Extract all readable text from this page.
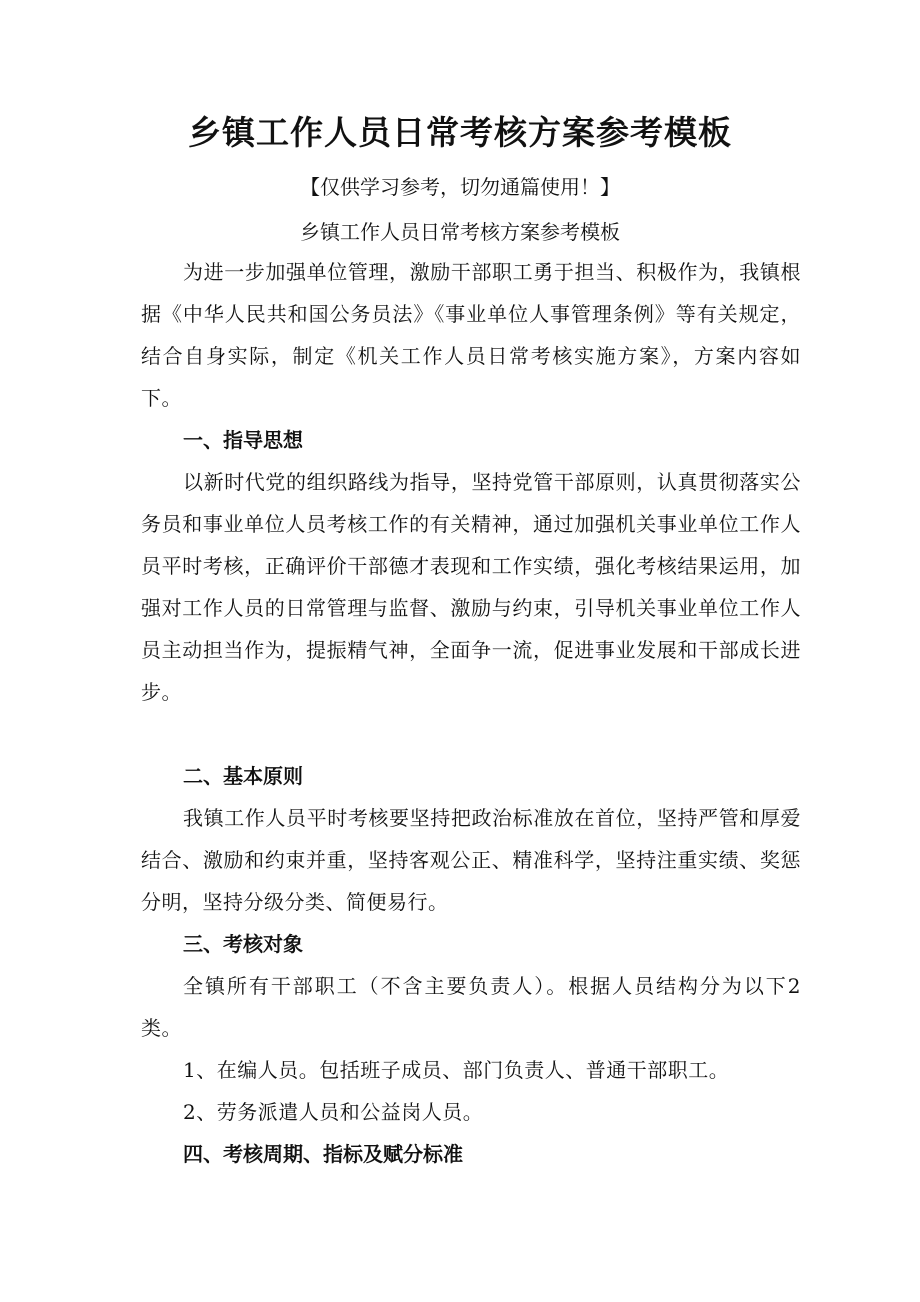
乡镇工作人员日常考核方案参考模板

【仅供学习参考，切勿通篇使用！】

乡镇工作人员日常考核方案参考模板

为进一步加强单位管理，激励干部职工勇于担当、积极作为，我镇根据《中华人民共和国公务员法》《事业单位人事管理条例》等有关规定，结合自身实际，制定《机关工作人员日常考核实施方案》，方案内容如下。

一、指导思想

以新时代党的组织路线为指导，坚持党管干部原则，认真贯彻落实公务员和事业单位人员考核工作的有关精神，通过加强机关事业单位工作人员平时考核，正确评价干部德才表现和工作实绩，强化考核结果运用，加强对工作人员的日常管理与监督、激励与约束，引导机关事业单位工作人员主动担当作为，提振精气神，全面争一流，促进事业发展和干部成长进步。

二、基本原则

我镇工作人员平时考核要坚持把政治标准放在首位，坚持严管和厚爱结合、激励和约束并重，坚持客观公正、精准科学，坚持注重实绩、奖惩分明，坚持分级分类、简便易行。

三、考核对象

全镇所有干部职工（不含主要负责人）。根据人员结构分为以下2类。

1、在编人员。包括班子成员、部门负责人、普通干部职工。

2、劳务派遣人员和公益岗人员。

四、考核周期、指标及赋分标准
